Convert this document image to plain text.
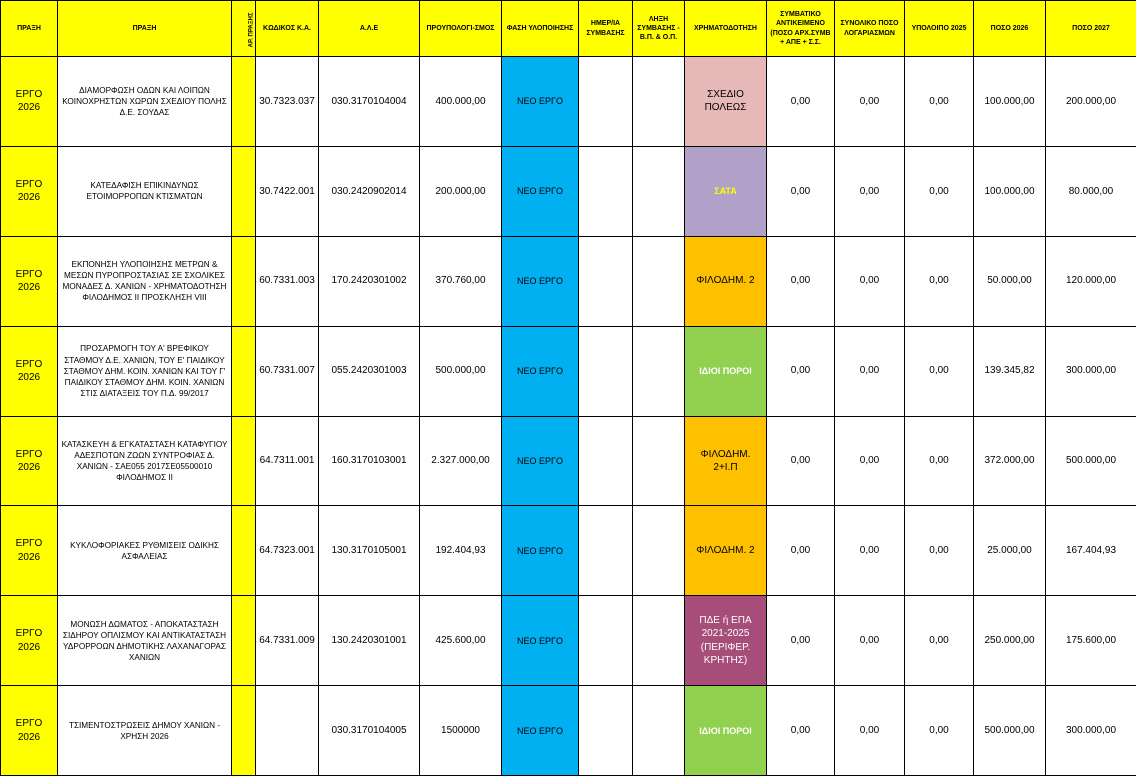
ΠΡΑΞΗ	ΠΡΑΞΗ	ΑΡ. ΠΡΑΞΗΣ	ΚΩΔΙΚΟΣ Κ.Α.	Α.Λ.Ε	ΠΡΟΥΠΟΛΟΓΙ-ΣΜΟΣ	ΦΑΣΗ ΥΛΟΠΟΙΗΣΗΣ	ΗΜΕΡ/ΙΑ ΣΥΜΒΑΣΗΣ	ΛΗΞΗ ΣΥΜΒΑΣΗΣ - Β.Π. & Ο.Π.	ΧΡΗΜΑΤΟΔΟΤΗΣΗ	ΣΥΜΒΑΤΙΚΟ ΑΝΤΙΚΕΙΜΕΝΟ (ΠΟΣΟ ΑΡΧ.ΣΥΜΒ + ΑΠΕ + Σ.Σ.	ΣΥΝΟΛΙΚΟ ΠΟΣΟ ΛΟΓΑΡΙΑΣΜΩΝ	ΥΠΟΛΟΙΠΟ 2025	ΠΟΣΟ 2026	ΠΟΣΟ 2027
ΕΡΓΟ 2026	ΔΙΑΜΟΡΦΩΣΗ ΟΔΩΝ ΚΑΙ ΛΟΙΠΩΝ ΚΟΙΝΟΧΡΗΣΤΩΝ ΧΩΡΩΝ ΣΧΕΔΙΟΥ ΠΟΛΗΣ Δ.Ε. ΣΟΥΔΑΣ		30.7323.037	030.3170104004	400.000,00	ΝΕΟ ΕΡΓΟ			ΣΧΕΔΙΟ ΠΟΛΕΩΣ	0,00	0,00	0,00	100.000,00	200.000,00
ΕΡΓΟ 2026	ΚΑΤΕΔΑΦΙΣΗ ΕΠΙΚΙΝΔΥΝΩΣ ΕΤΟΙΜΟΡΡΟΠΩΝ ΚΤΙΣΜΑΤΩΝ		30.7422.001	030.2420902014	200.000,00	ΝΕΟ ΕΡΓΟ			ΣΑΤΑ	0,00	0,00	0,00	100.000,00	80.000,00
ΕΡΓΟ 2026	ΕΚΠΟΝΗΣΗ ΥΛΟΠΟΙΗΣΗΣ ΜΕΤΡΩΝ & ΜΕΣΩΝ ΠΥΡΟΠΡΟΣΤΑΣΙΑΣ ΣΕ ΣΧΟΛΙΚΕΣ ΜΟΝΑΔΕΣ Δ. ΧΑΝΙΩΝ - ΧΡΗΜΑΤΟΔΟΤΗΣΗ ΦΙΛΟΔΗΜΟΣ ΙΙ ΠΡΟΣΚΛΗΣΗ VIII		60.7331.003	170.2420301002	370.760,00	ΝΕΟ ΕΡΓΟ			ΦΙΛΟΔΗΜ. 2	0,00	0,00	0,00	50.000,00	120.000,00
ΕΡΓΟ 2026	ΠΡΟΣΑΡΜΟΓΗ ΤΟΥ Α' ΒΡΕΦΙΚΟΥ ΣΤΑΘΜΟΥ Δ.Ε. ΧΑΝΙΩΝ, ΤΟΥ Ε' ΠΑΙΔΙΚΟΥ ΣΤΑΘΜΟΥ ΔΗΜ. ΚΟΙΝ. ΧΑΝΙΩΝ ΚΑΙ ΤΟΥ Γ' ΠΑΙΔΙΚΟΥ ΣΤΑΘΜΟΥ ΔΗΜ. ΚΟΙΝ. ΧΑΝΙΩΝ ΣΤΙΣ ΔΙΑΤΑΞΕΙΣ ΤΟΥ Π.Δ. 99/2017		60.7331.007	055.2420301003	500.000,00	ΝΕΟ ΕΡΓΟ			ΙΔΙΟΙ ΠΟΡΟΙ	0,00	0,00	0,00	139.345,82	300.000,00
ΕΡΓΟ 2026	ΚΑΤΑΣΚΕΥΗ & ΕΓΚΑΤΑΣΤΑΣΗ ΚΑΤΑΦΥΓΙΟΥ ΑΔΕΣΠΟΤΩΝ ΖΩΩΝ ΣΥΝΤΡΟΦΙΑΣ Δ. ΧΑΝΙΩΝ - ΣΑΕ055 2017ΣΕ05500010 ΦΙΛΟΔΗΜΟΣ ΙΙ		64.7311.001	160.3170103001	2.327.000,00	ΝΕΟ ΕΡΓΟ			ΦΙΛΟΔΗΜ. 2+Ι.Π	0,00	0,00	0,00	372.000,00	500.000,00
ΕΡΓΟ 2026	ΚΥΚΛΟΦΟΡΙΑΚΕΣ ΡΥΘΜΙΣΕΙΣ ΟΔΙΚΗΣ ΑΣΦΑΛΕΙΑΣ		64.7323.001	130.3170105001	192.404,93	ΝΕΟ ΕΡΓΟ			ΦΙΛΟΔΗΜ. 2	0,00	0,00	0,00	25.000,00	167.404,93
ΕΡΓΟ 2026	ΜΟΝΩΣΗ ΔΩΜΑΤΟΣ - ΑΠΟΚΑΤΑΣΤΑΣΗ ΣΙΔΗΡΟΥ ΟΠΛΙΣΜΟΥ ΚΑΙ ΑΝΤΙΚΑΤΑΣΤΑΣΗ ΥΔΡΟΡΡΟΩΝ ΔΗΜΟΤΙΚΗΣ ΛΑΧΑΝΑΓΟΡΑΣ ΧΑΝΙΩΝ		64.7331.009	130.2420301001	425.600,00	ΝΕΟ ΕΡΓΟ			ΠΔΕ ή ΕΠΑ 2021-2025 (ΠΕΡΙΦΕΡ. ΚΡΗΤΗΣ)	0,00	0,00	0,00	250.000,00	175.600,00
ΕΡΓΟ 2026	ΤΣΙΜΕΝΤΟΣΤΡΩΣΕΙΣ ΔΗΜΟΥ ΧΑΝΙΩΝ - ΧΡΗΣΗ 2026			030.3170104005	1500000	ΝΕΟ ΕΡΓΟ			ΙΔΙΟΙ ΠΟΡΟΙ	0,00	0,00	0,00	500.000,00	300.000,00
